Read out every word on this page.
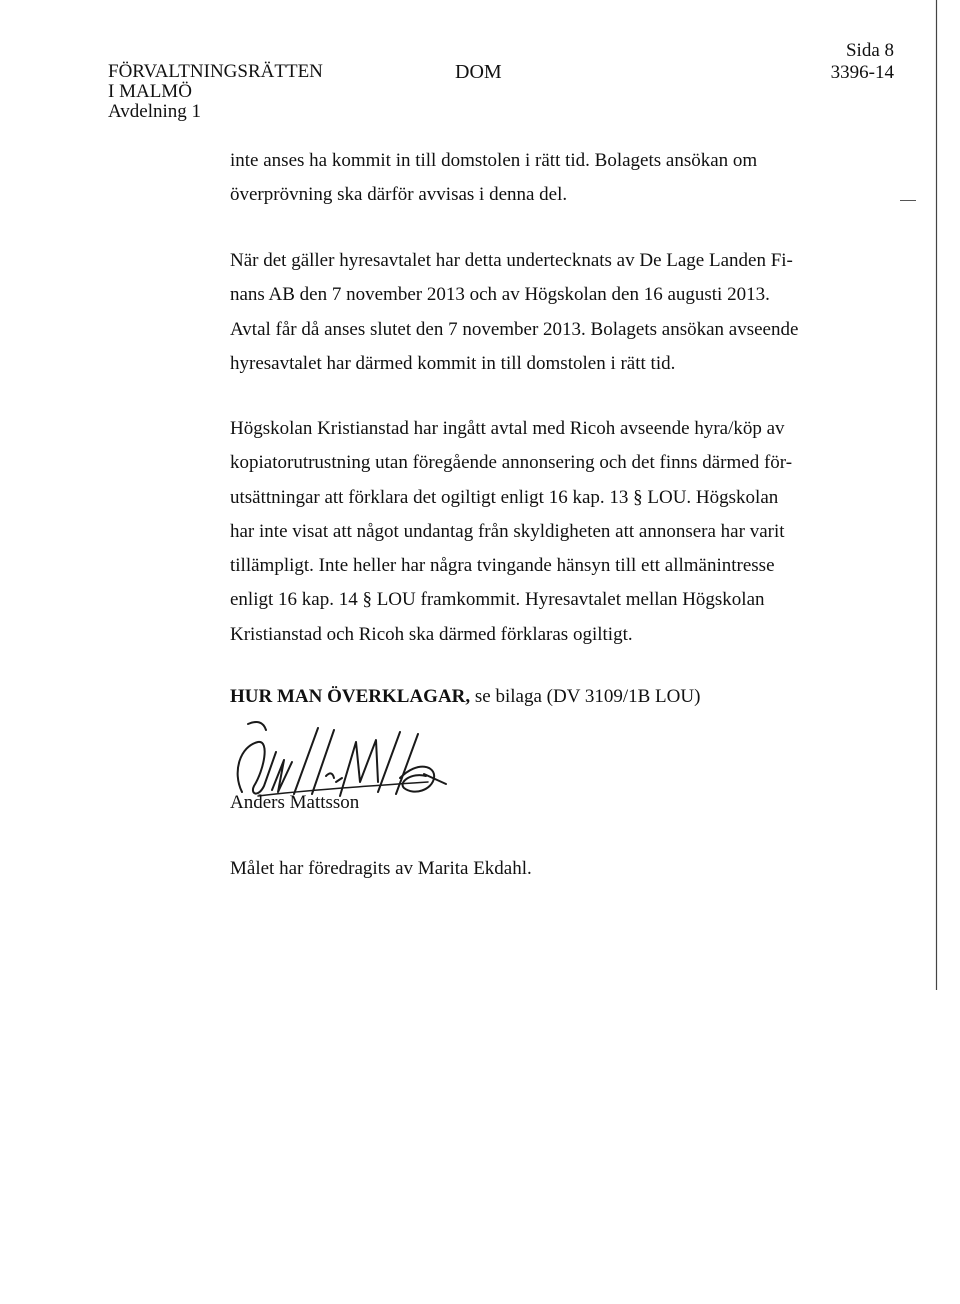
FÖRVALTNINGSRÄTTEN
I MALMÖ
Avdelning 1
DOM
Sida 8
3396-14
inte anses ha kommit in till domstolen i rätt tid. Bolagets ansökan om
överprövning ska därför avvisas i denna del.
När det gäller hyresavtalet har detta undertecknats av De Lage Landen Fi-
nans AB den 7 november 2013 och av Högskolan den 16 augusti 2013.
Avtal får då anses slutet den 7 november 2013. Bolagets ansökan avseende
hyresavtalet har därmed kommit in till domstolen i rätt tid.
Högskolan Kristianstad har ingått avtal med Ricoh avseende hyra/köp av
kopiatorutrustning utan föregående annonsering och det finns därmed för-
utsättningar att förklara det ogiltigt enligt 16 kap. 13 § LOU. Högskolan
har inte visat att något undantag från skyldigheten att annonsera har varit
tillämpligt. Inte heller har några tvingande hänsyn till ett allmänintresse
enligt 16 kap. 14 § LOU framkommit. Hyresavtalet mellan Högskolan
Kristianstad och Ricoh ska därmed förklaras ogiltigt.
HUR MAN ÖVERKLAGAR, se bilaga (DV 3109/1B LOU)
Anders Mattsson
Målet har föredragits av Marita Ekdahl.
